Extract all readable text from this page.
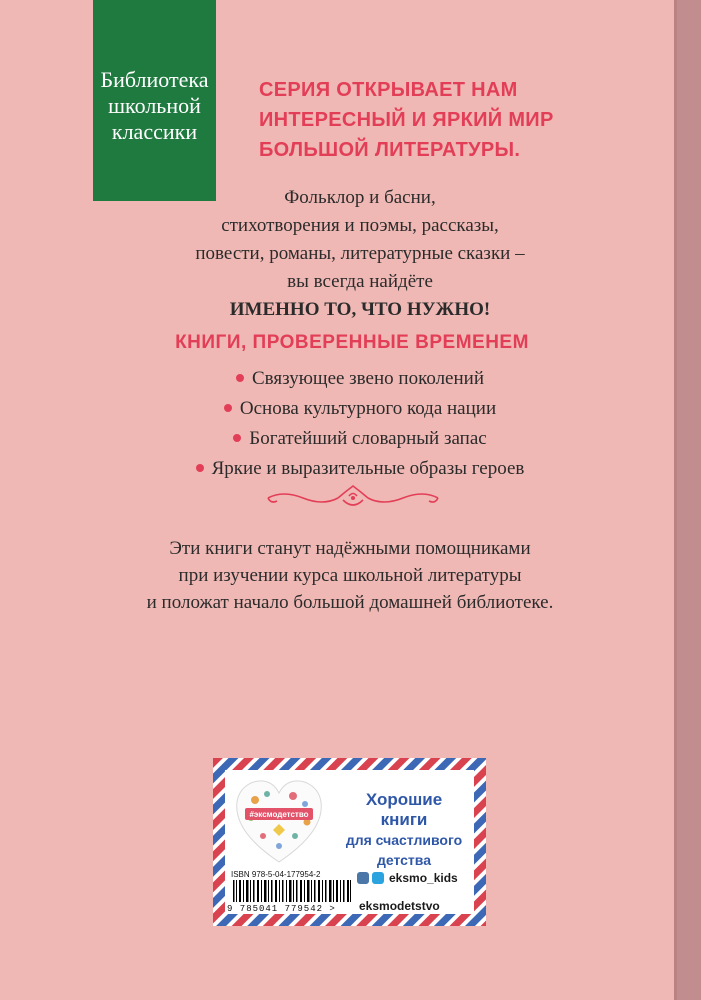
Библиотека
школьной
классики
СЕРИЯ ОТКРЫВАЕТ НАМ
ИНТЕРЕСНЫЙ И ЯРКИЙ МИР
БОЛЬШОЙ ЛИТЕРАТУРЫ.
Фольклор и басни,
стихотворения и поэмы, рассказы,
повести, романы, литературные сказки –
вы всегда найдёте
ИМЕННО ТО, ЧТО НУЖНО!
КНИГИ, ПРОВЕРЕННЫЕ ВРЕМЕНЕМ
Связующее звено поколений
Основа культурного кода нации
Богатейший словарный запас
Яркие и выразительные образы героев
Эти книги станут надёжными помощниками
при изучении курса школьной литературы
и положат начало большой домашней библиотеке.
#эксмодетство
Хорошие
книги
для счастливого
детства
ISBN 978-5-04-177954-2
9 785041 779542 >
eksmo_kids
eksmodetstvo
